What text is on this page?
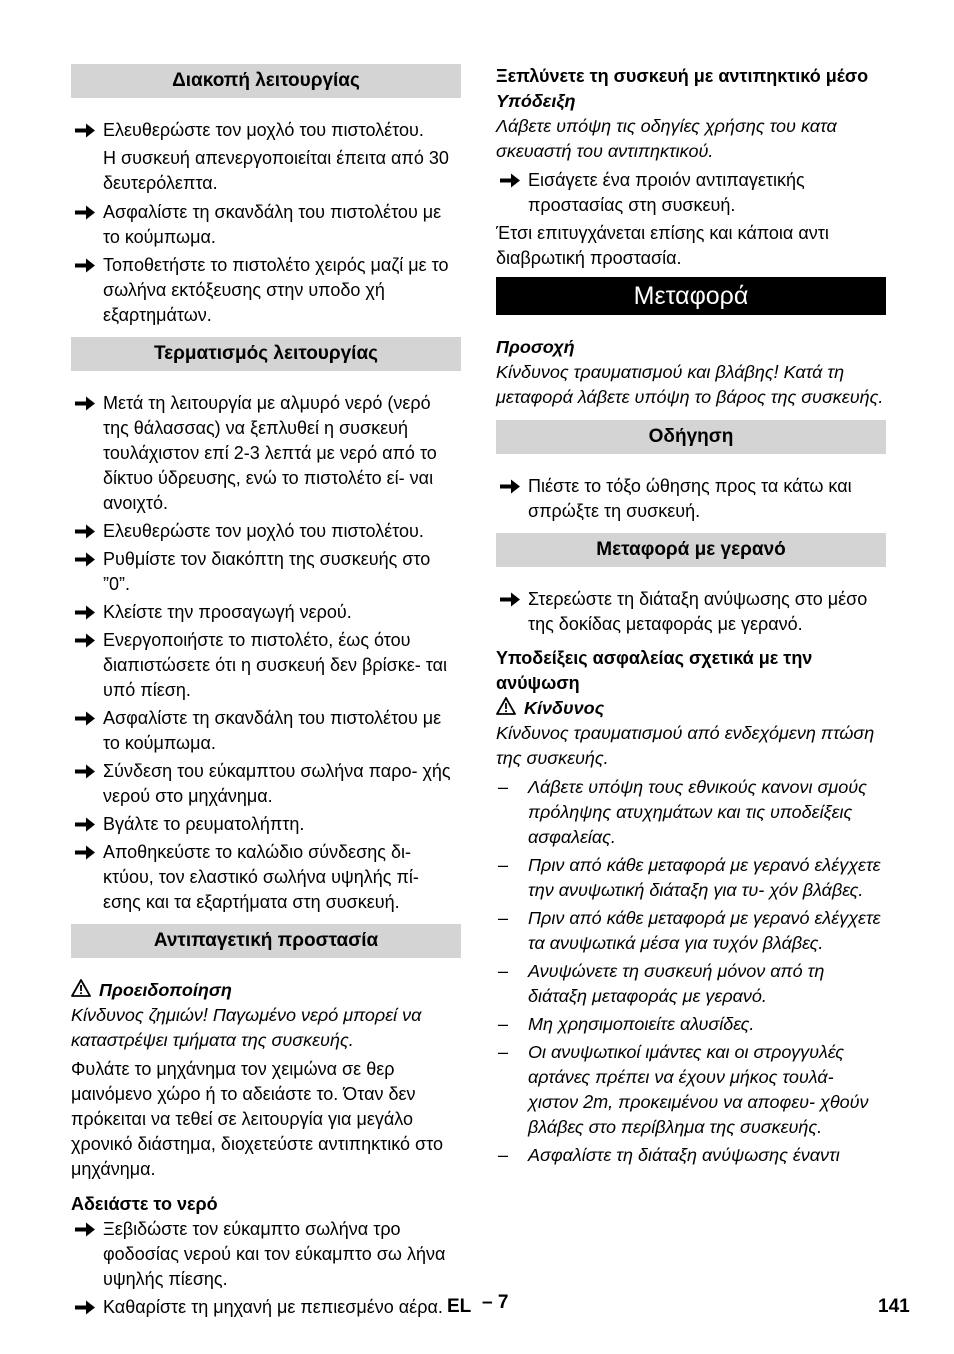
Διακοπή λειτουργίας
Ελευθερώστε τον μοχλό του πιστολέτου.
Η συσκευή απενεργοποιείται έπειτα από 30 δευτερόλεπτα.
Ασφαλίστε τη σκανδάλη του πιστολέτου με το κούμπωμα.
Τοποθετήστε το πιστολέτο χειρός μαζί με το σωλήνα εκτόξευσης στην υποδο χή εξαρτημάτων.
Τερματισμός λειτουργίας
Μετά τη λειτουργία με αλμυρό νερό (νερό της θάλασσας) να ξεπλυθεί η συσκευή τουλάχιστον επί 2-3 λεπτά με νερό από το δίκτυο ύδρευσης, ενώ το πιστολέτο εί- ναι ανοιχτό.
Ελευθερώστε τον μοχλό του πιστολέτου.
Ρυθμίστε τον διακόπτη της συσκευής στο ”0”.
Κλείστε την προσαγωγή νερού.
Ενεργοποιήστε το πιστολέτο, έως ότου διαπιστώσετε ότι η συσκευή δεν βρίσκε- ται υπό πίεση.
Ασφαλίστε τη σκανδάλη του πιστολέτου με το κούμπωμα.
Σύνδεση του εύκαμπτου σωλήνα παρο- χής νερού στο μηχάνημα.
Βγάλτε το ρευματολήπτη.
Αποθηκεύστε το καλώδιο σύνδεσης δι- κτύου, τον ελαστικό σωλήνα υψηλής πί- εσης και τα εξαρτήματα στη συσκευή.
Αντιπαγετική προστασία
Προειδοποίηση
Κίνδυνος ζημιών! Παγωμένο νερό μπορεί να καταστρέψει τμήματα της συσκευής.
Φυλάτε το μηχάνημα τον χειμώνα σε θερ μαινόμενο χώρο ή το αδειάστε το. Όταν δεν πρόκειται να τεθεί σε λειτουργία για μεγάλο χρονικό διάστημα, διοχετεύστε αντιπηκτικό στο μηχάνημα.
Αδειάστε το νερό
Ξεβιδώστε τον εύκαμπτο σωλήνα τρο φοδοσίας νερού και τον εύκαμπτο σω λήνα υψηλής πίεσης.
Καθαρίστε τη μηχανή με πεπιεσμένο αέρα.
Ξεπλύνετε τη συσκευή με αντιπηκτικό μέσο
Υπόδειξη
Λάβετε υπόψη τις οδηγίες χρήσης του κατα σκευαστή του αντιπηκτικού.
Εισάγετε ένα προιόν αντιπαγετικής προστασίας στη συσκευή.
Έτσι επιτυγχάνεται επίσης και κάποια αντι διαβρωτική προστασία.
Μεταφορά
Προσοχή
Κίνδυνος τραυματισμού και βλάβης! Κατά τη μεταφορά λάβετε υπόψη το βάρος της συσκευής.
Οδήγηση
Πιέστε το τόξο ώθησης προς τα κάτω και σπρώξτε τη συσκευή.
Μεταφορά με γερανό
Στερεώστε τη διάταξη ανύψωσης στο μέσο της δοκίδας μεταφοράς με γερανό.
Υποδείξεις ασφαλείας σχετικά με την ανύψωση
Κίνδυνος
Κίνδυνος τραυματισμού από ενδεχόμενη πτώση της συσκευής.
– Λάβετε υπόψη τους εθνικούς κανονι σμούς πρόληψης ατυχημάτων και τις υποδείξεις ασφαλείας.
– Πριν από κάθε μεταφορά με γερανό ελέγχετε την ανυψωτική διάταξη για τυ- χόν βλάβες.
– Πριν από κάθε μεταφορά με γερανό ελέγχετε τα ανυψωτικά μέσα για τυχόν βλάβες.
– Ανυψώνετε τη συσκευή μόνον από τη διάταξη μεταφοράς με γερανό.
– Μη χρησιμοποιείτε αλυσίδες.
– Οι ανυψωτικοί ιμάντες και οι στρογγυλές αρτάνες πρέπει να έχουν μήκος τουλά- χιστον 2m, προκειμένου να αποφευ- χθούν βλάβες στο περίβλημα της συσκευής.
– Ασφαλίστε τη διάταξη ανύψωσης έναντι
EL – 7	141
